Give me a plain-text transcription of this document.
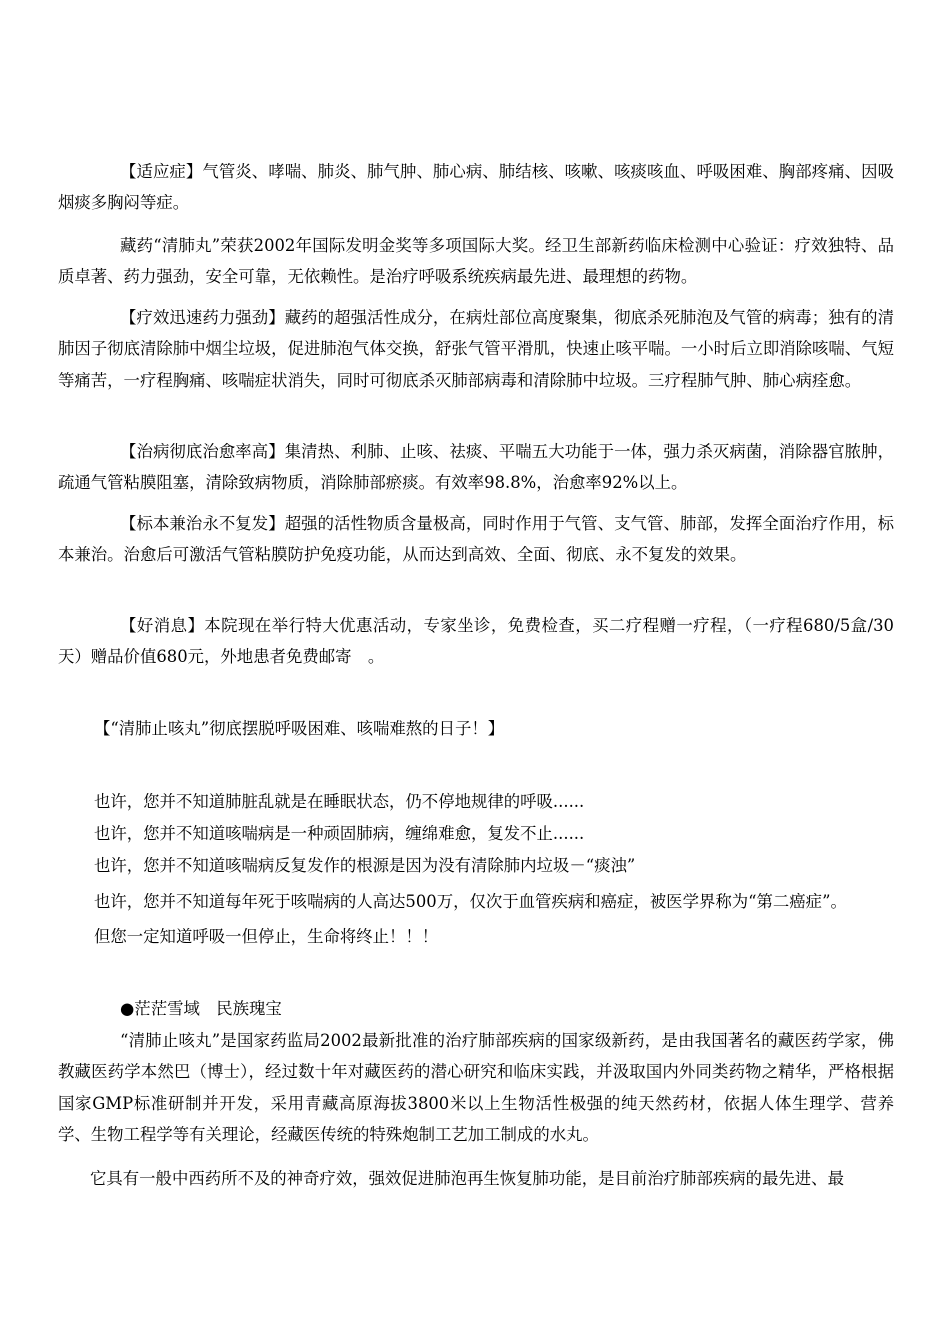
【适应症】气管炎、哮喘、肺炎、肺气肿、肺心病、肺结核、咳嗽、咳痰咳血、呼吸困难、胸部疼痛、因吸烟痰多胸闷等症。

藏药“清肺丸”荣获2002年国际发明金奖等多项国际大奖。经卫生部新药临床检测中心验证：疗效独特、品质卓著、药力强劲，安全可靠，无依赖性。是治疗呼吸系统疾病最先进、最理想的药物。

【疗效迅速药力强劲】藏药的超强活性成分，在病灶部位高度聚集，彻底杀死肺泡及气管的病毒；独有的清肺因子彻底清除肺中烟尘垃圾，促进肺泡气体交换，舒张气管平滑肌，快速止咳平喘。一小时后立即消除咳喘、气短等痛苦，一疗程胸痛、咳喘症状消失，同时可彻底杀灭肺部病毒和清除肺中垃圾。三疗程肺气肿、肺心病痊愈。

【治病彻底治愈率高】集清热、利肺、止咳、祛痰、平喘五大功能于一体，强力杀灭病菌，消除器官脓肿，疏通气管粘膜阻塞，清除致病物质，消除肺部瘀痰。有效率98.8%，治愈率92%以上。

【标本兼治永不复发】超强的活性物质含量极高，同时作用于气管、支气管、肺部，发挥全面治疗作用，标本兼治。治愈后可激活气管粘膜防护免疫功能，从而达到高效、全面、彻底、永不复发的效果。

【好消息】本院现在举行特大优惠活动，专家坐诊，免费检查，买二疗程赠一疗程，（一疗程680/5盒/30天）赠品价值680元，外地患者免费邮寄　。

【“清肺止咳丸”彻底摆脱呼吸困难、咳喘难熬的日子！】

也许，您并不知道肺脏乱就是在睡眠状态，仍不停地规律的呼吸......

也许，您并不知道咳喘病是一种顽固肺病，缠绵难愈，复发不止......

也许，您并不知道咳喘病反复发作的根源是因为没有清除肺内垃圾－“痰浊”

也许，您并不知道每年死于咳喘病的人高达500万，仅次于血管疾病和癌症，被医学界称为“第二癌症”。

但您一定知道呼吸一但停止，生命将终止！！！

●茫茫雪域　民族瑰宝

“清肺止咳丸”是国家药监局2002最新批准的治疗肺部疾病的国家级新药，是由我国著名的藏医药学家，佛教藏医药学本然巴（博士），经过数十年对藏医药的潜心研究和临床实践，并汲取国内外同类药物之精华，严格根据国家GMP标准研制并开发，采用青藏高原海拔3800米以上生物活性极强的纯天然药材，依据人体生理学、营养学、生物工程学等有关理论，经藏医传统的特殊炮制工艺加工制成的水丸。

它具有一般中西药所不及的神奇疗效，强效促进肺泡再生恢复肺功能，是目前治疗肺部疾病的最先进、最
